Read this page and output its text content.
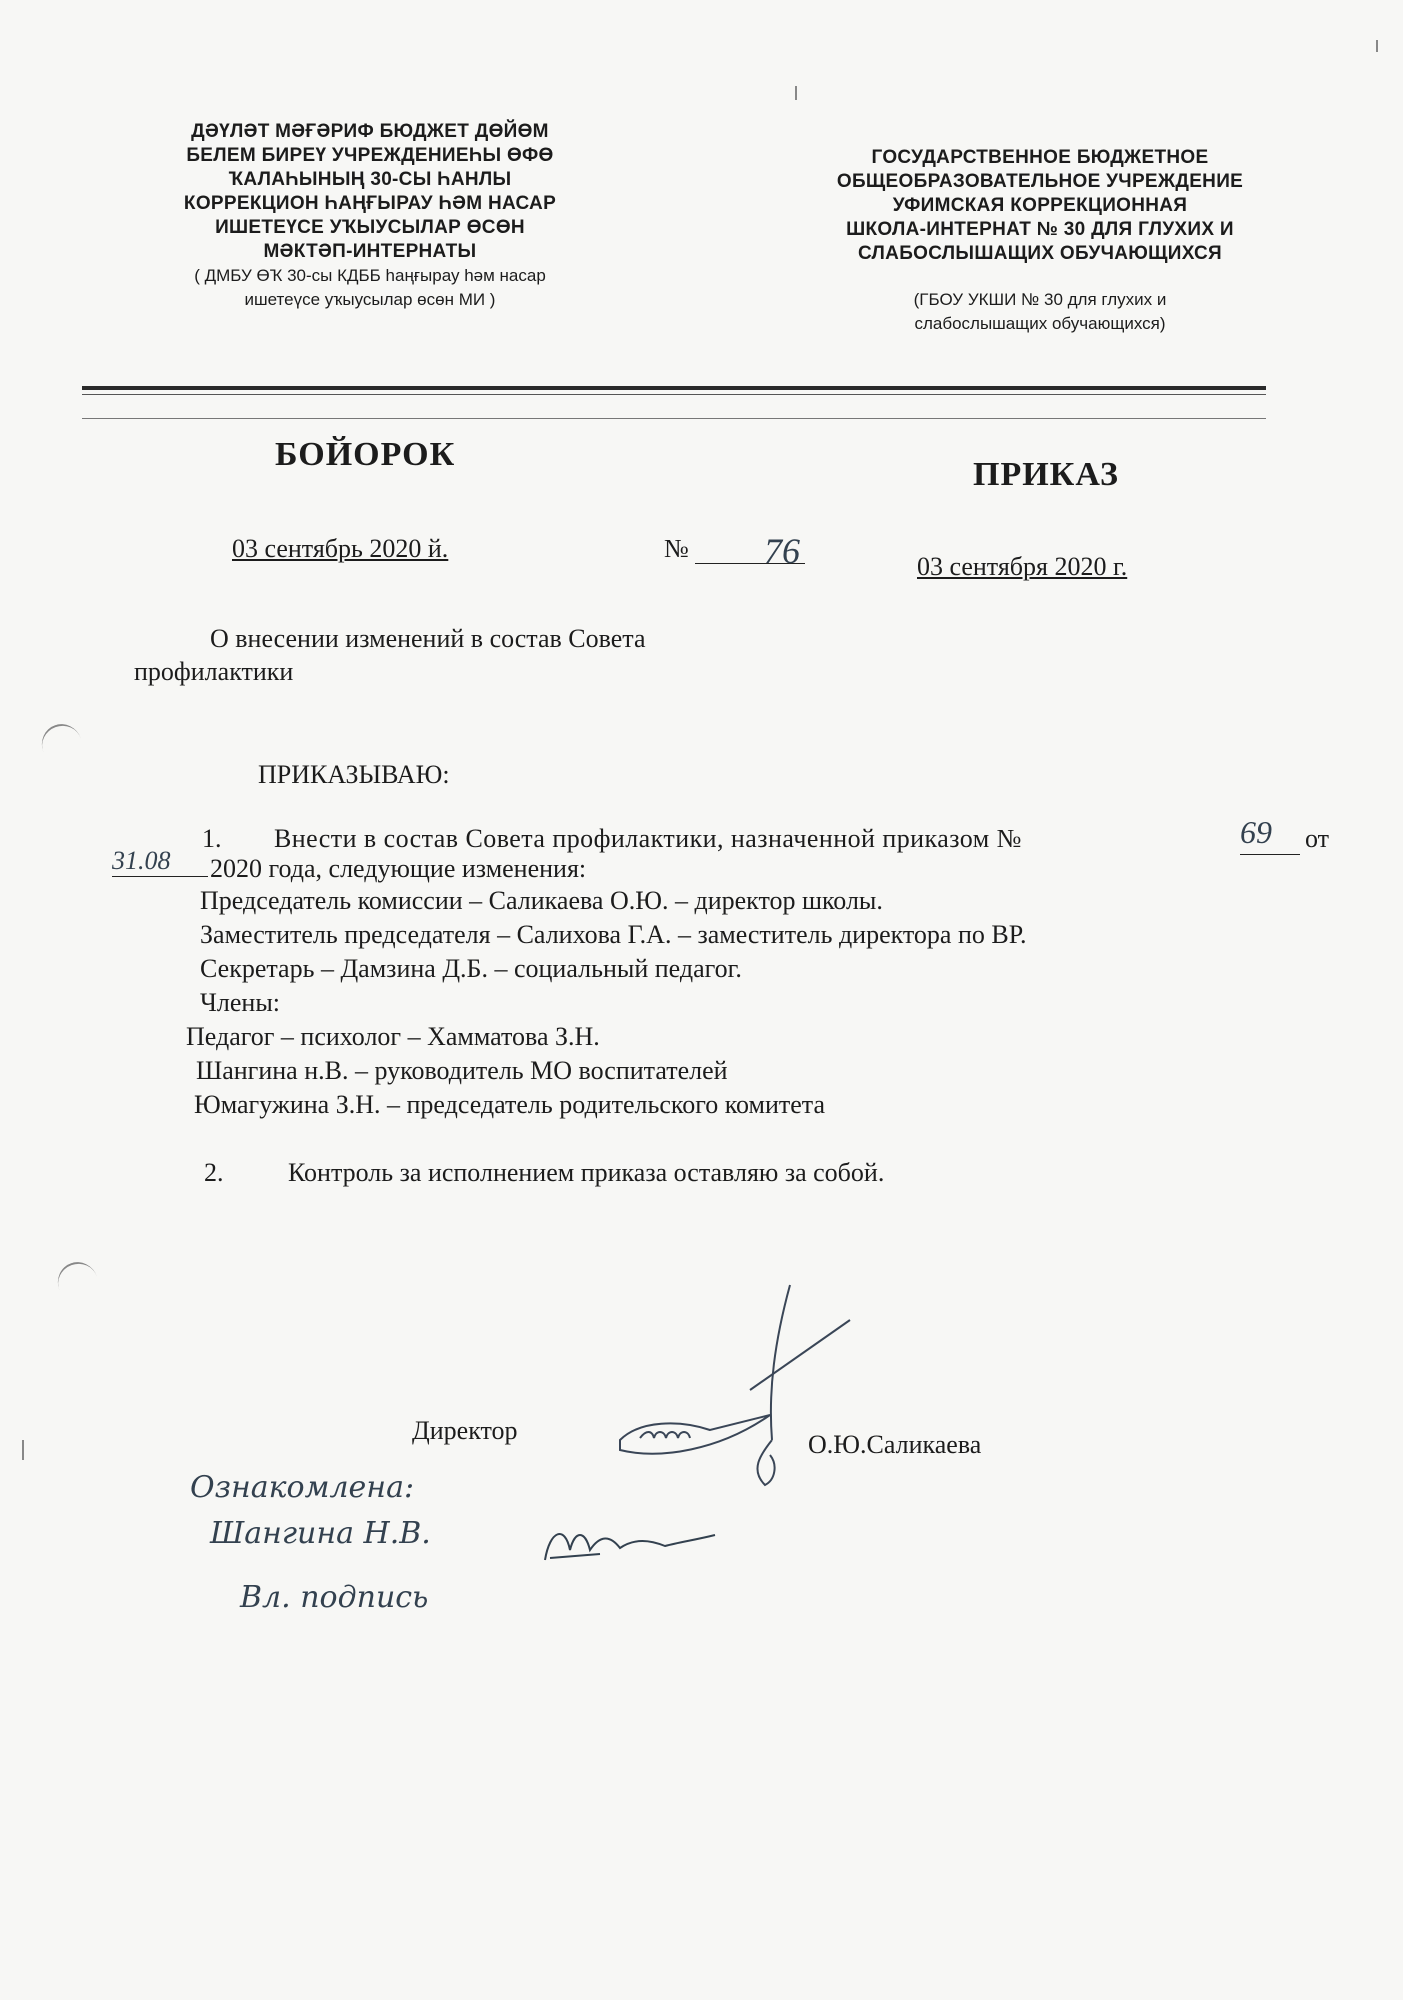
ДӘҮЛӘТ МӘҒӘРИФ БЮДЖЕТ ДӨЙӨМ
БЕЛЕМ БИРЕҮ УЧРЕЖДЕНИЕҺЫ ӨФӨ
ҠАЛАҺЫНЫҢ 30-СЫ ҺАНЛЫ
КОРРЕКЦИОН ҺАҢҒЫРАУ ҺӘМ НАСАР
ИШЕТЕҮСЕ УҠЫУСЫЛАР ӨСӨН
МӘКТӘП-ИНТЕРНАТЫ
( ДМБУ ӨҠ 30-сы КДББ һаңғырау һәм насар
ишетеүсе уҡыусылар өсөн МИ )
ГОСУДАРСТВЕННОЕ БЮДЖЕТНОЕ
ОБЩЕОБРАЗОВАТЕЛЬНОЕ УЧРЕЖДЕНИЕ
УФИМСКАЯ КОРРЕКЦИОННАЯ
ШКОЛА-ИНТЕРНАТ № 30 ДЛЯ ГЛУХИХ И
СЛАБОСЛЫШАЩИХ ОБУЧАЮЩИХСЯ
(ГБОУ УКШИ № 30 для глухих и
слабослышащих обучающихся)
БОЙОРОК
ПРИКАЗ
03 сентябрь 2020 й.	№	76	03 сентября 2020 г.
О внесении изменений в состав Совета
профилактики
ПРИКАЗЫВАЮ:
1. Внести в состав Совета профилактики, назначенной приказом №	69 от
31.08 2020 года, следующие изменения:
Председатель комиссии – Саликаева О.Ю. – директор школы.
Заместитель председателя – Салихова Г.А. – заместитель директора по ВР.
Секретарь – Дамзина Д.Б. – социальный педагог.
Члены:
Педагог – психолог – Хамматова З.Н.
Шангина н.В. – руководитель МО воспитателей
Юмагужина З.Н. – председатель родительского комитета
2. Контроль за исполнением приказа оставляю за собой.
Директор	О.Ю.Саликаева
Ознакомлена:
Шангина Н.В.
Вл. подпись
